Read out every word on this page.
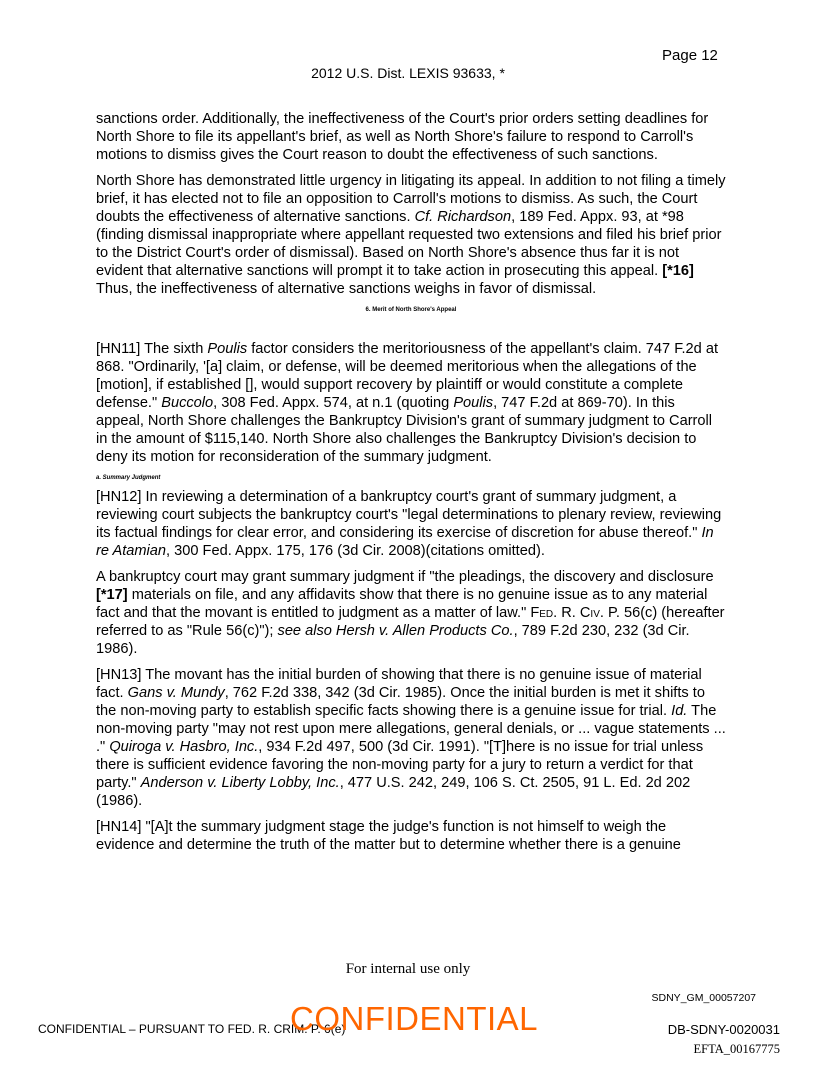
Page 12
2012 U.S. Dist. LEXIS 93633, *

sanctions order. Additionally, the ineffectiveness of the Court's prior orders setting deadlines for North Shore to file its appellant's brief, as well as North Shore's failure to respond to Carroll's motions to dismiss gives the Court reason to doubt the effectiveness of such sanctions.

North Shore has demonstrated little urgency in litigating its appeal. In addition to not filing a timely brief, it has elected not to file an opposition to Carroll's motions to dismiss. As such, the Court doubts the effectiveness of alternative sanctions. Cf. Richardson, 189 Fed. Appx. 93, at *98 (finding dismissal inappropriate where appellant requested two extensions and filed his brief prior to the District Court's order of dismissal). Based on North Shore's absence thus far it is not evident that alternative sanctions will prompt it to take action in prosecuting this appeal. [*16] Thus, the ineffectiveness of alternative sanctions weighs in favor of dismissal.

6. Merit of North Shore's Appeal

[HN11] The sixth Poulis factor considers the meritoriousness of the appellant's claim. 747 F.2d at 868. "Ordinarily, '[a] claim, or defense, will be deemed meritorious when the allegations of the [motion], if established [], would support recovery by plaintiff or would constitute a complete defense." Buccolo, 308 Fed. Appx. 574, at n.1 (quoting Poulis, 747 F.2d at 869-70). In this appeal, North Shore challenges the Bankruptcy Division's grant of summary judgment to Carroll in the amount of $115,140. North Shore also challenges the Bankruptcy Division's decision to deny its motion for reconsideration of the summary judgment.

a. Summary Judgment

[HN12] In reviewing a determination of a bankruptcy court's grant of summary judgment, a reviewing court subjects the bankruptcy court's "legal determinations to plenary review, reviewing its factual findings for clear error, and considering its exercise of discretion for abuse thereof." In re Atamian, 300 Fed. Appx. 175, 176 (3d Cir. 2008)(citations omitted).

A bankruptcy court may grant summary judgment if "the pleadings, the discovery and disclosure [*17] materials on file, and any affidavits show that there is no genuine issue as to any material fact and that the movant is entitled to judgment as a matter of law." Fed. R. Civ. P. 56(c) (hereafter referred to as "Rule 56(c)"); see also Hersh v. Allen Products Co., 789 F.2d 230, 232 (3d Cir. 1986).

[HN13] The movant has the initial burden of showing that there is no genuine issue of material fact. Gans v. Mundy, 762 F.2d 338, 342 (3d Cir. 1985). Once the initial burden is met it shifts to the non-moving party to establish specific facts showing there is a genuine issue for trial. Id. The non-moving party "may not rest upon mere allegations, general denials, or ... vague statements ... ." Quiroga v. Hasbro, Inc., 934 F.2d 497, 500 (3d Cir. 1991). "[T]here is no issue for trial unless there is sufficient evidence favoring the non-moving party for a jury to return a verdict for that party." Anderson v. Liberty Lobby, Inc., 477 U.S. 242, 249, 106 S. Ct. 2505, 91 L. Ed. 2d 202 (1986).

[HN14] "[A]t the summary judgment stage the judge's function is not himself to weigh the evidence and determine the truth of the matter but to determine whether there is a genuine

For internal use only
SDNY_GM_00057207
CONFIDENTIAL – PURSUANT TO FED. R. CRIM. P. 6(e)
CONFIDENTIAL	DB-SDNY-0020031
EFTA_00167775
